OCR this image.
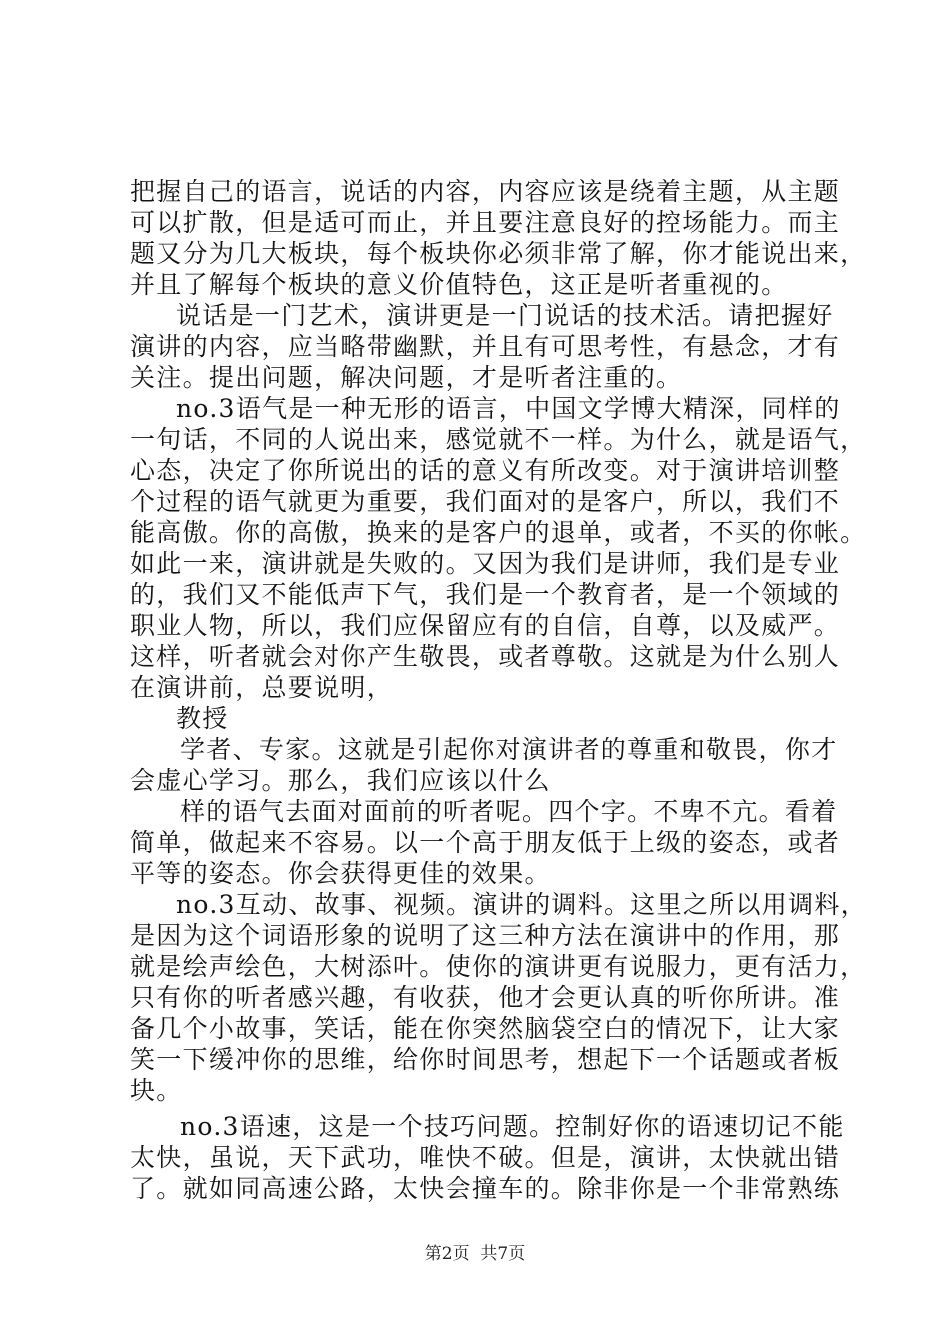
把握自己的语言，说话的内容，内容应该是绕着主题，从主题
可以扩散，但是适可而止，并且要注意良好的控场能力。而主
题又分为几大板块，每个板块你必须非常了解，你才能说出来，
并且了解每个板块的意义价值特色，这正是听者重视的。
说话是一门艺术，演讲更是一门说话的技术活。请把握好
演讲的内容，应当略带幽默，并且有可思考性，有悬念，才有
关注。提出问题，解决问题，才是听者注重的。
no.3语气是一种无形的语言，中国文学博大精深，同样的
一句话，不同的人说出来，感觉就不一样。为什么，就是语气，
心态，决定了你所说出的话的意义有所改变。对于演讲培训整
个过程的语气就更为重要，我们面对的是客户，所以，我们不
能高傲。你的高傲，换来的是客户的退单，或者，不买的你帐。
如此一来，演讲就是失败的。又因为我们是讲师，我们是专业
的，我们又不能低声下气，我们是一个教育者，是一个领域的
职业人物，所以，我们应保留应有的自信，自尊，以及威严。
这样，听者就会对你产生敬畏，或者尊敬。这就是为什么别人
在演讲前，总要说明，
教授
学者、专家。这就是引起你对演讲者的尊重和敬畏，你才
会虚心学习。那么，我们应该以什么
样的语气去面对面前的听者呢。四个字。不卑不亢。看着
简单，做起来不容易。以一个高于朋友低于上级的姿态，或者
平等的姿态。你会获得更佳的效果。
no.3互动、故事、视频。演讲的调料。这里之所以用调料，
是因为这个词语形象的说明了这三种方法在演讲中的作用，那
就是绘声绘色，大树添叶。使你的演讲更有说服力，更有活力，
只有你的听者感兴趣，有收获，他才会更认真的听你所讲。准
备几个小故事，笑话，能在你突然脑袋空白的情况下，让大家
笑一下缓冲你的思维，给你时间思考，想起下一个话题或者板
块。
no.3语速，这是一个技巧问题。控制好你的语速切记不能
太快，虽说，天下武功，唯快不破。但是，演讲，太快就出错
了。就如同高速公路，太快会撞车的。除非你是一个非常熟练
第2页  共7页
